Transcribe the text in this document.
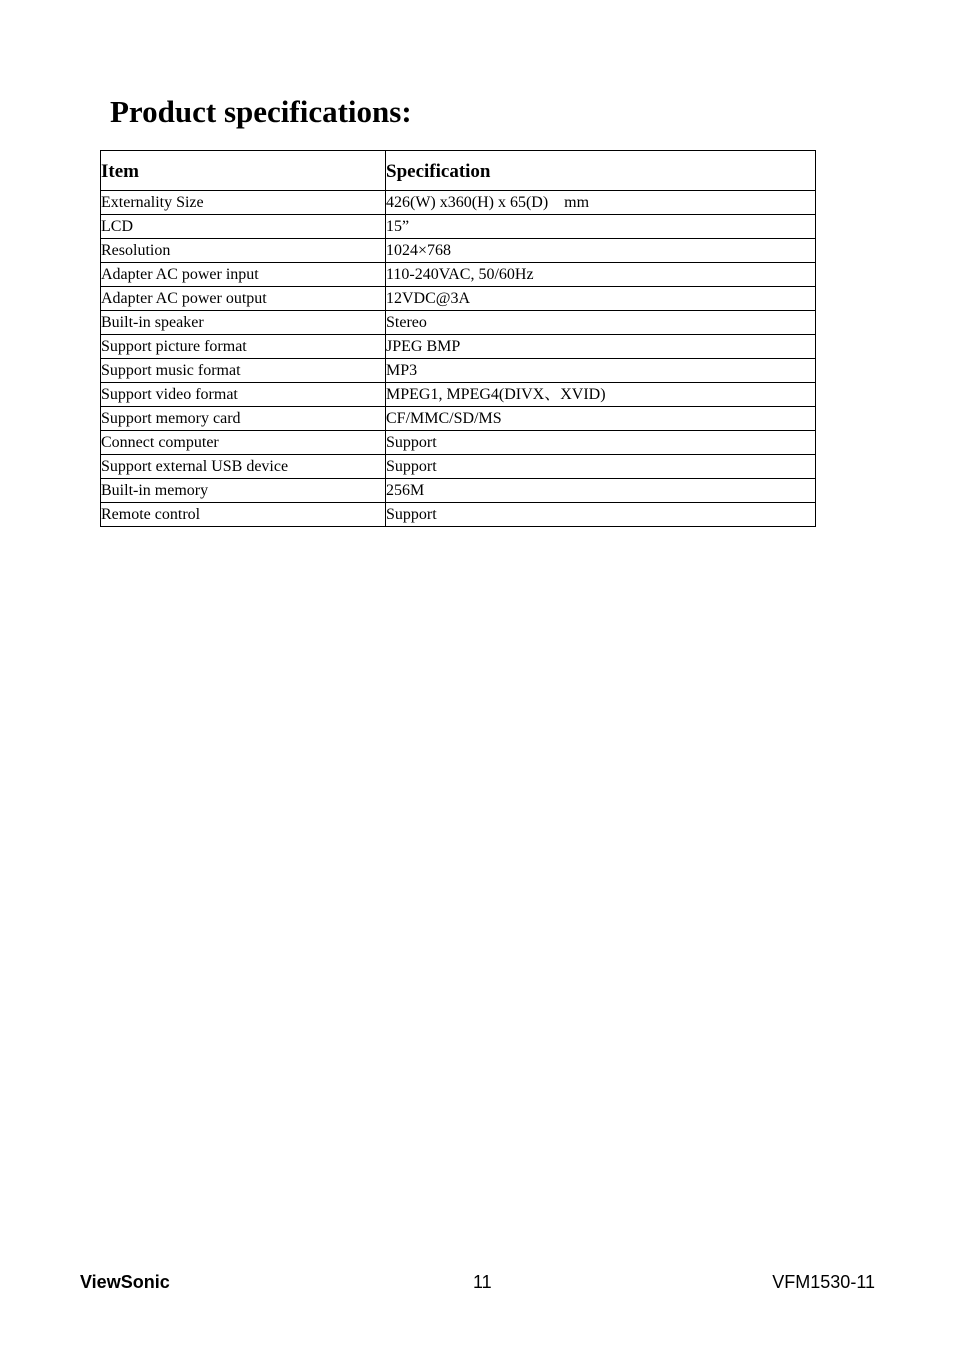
Product specifications:
Item	Specification
Externality Size	426(W) x360(H) x 65(D)    mm
LCD	15”
Resolution	1024×768
Adapter AC power input	110-240VAC, 50/60Hz
Adapter AC power output	12VDC@3A
Built-in speaker	Stereo
Support picture format	JPEG BMP
Support music format	MP3
Support video format	MPEG1, MPEG4(DIVX、XVID)
Support memory card	CF/MMC/SD/MS
Connect computer	Support
Support external USB device	Support
Built-in memory	256M
Remote control	Support
ViewSonic	11	VFM1530-11
